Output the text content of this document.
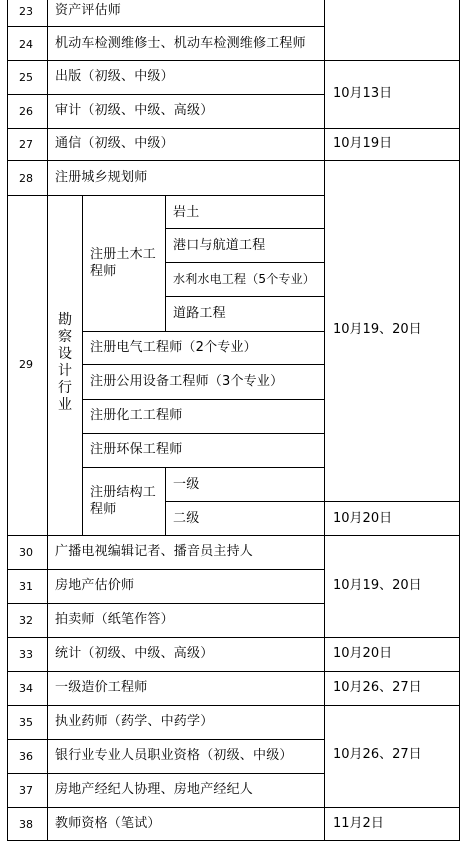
23
24
25
26
27
28
29
30
31
32
33
34
35
36
37
38
资产评估师
机动车检测维修士、机动车检测维修工程师
出版（初级、中级）
审计（初级、中级、高级）
通信（初级、中级）
注册城乡规划师
勘察设计行业
注册土木工程师
岩土
港口与航道工程
水利水电工程（5个专业）
道路工程
注册电气工程师（2个专业）
注册公用设备工程师（3个专业）
注册化工工程师
注册环保工程师
注册结构工程师
一级
二级
广播电视编辑记者、播音员主持人
房地产估价师
拍卖师（纸笔作答）
统计（初级、中级、高级）
一级造价工程师
执业药师（药学、中药学）
银行业专业人员职业资格（初级、中级）
房地产经纪人协理、房地产经纪人
教师资格（笔试）
10月13日
10月19日
10月19、20日
10月20日
10月19、20日
10月20日
10月26、27日
10月26、27日
11月2日
